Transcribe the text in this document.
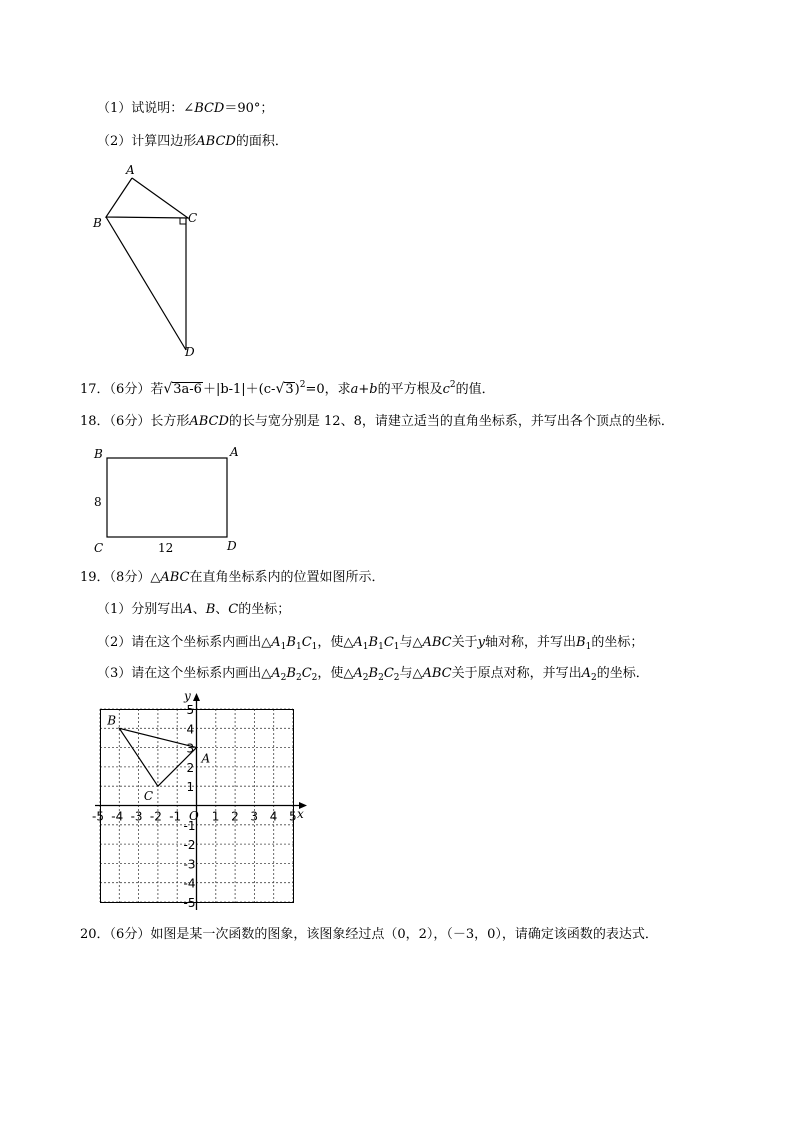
（1）试说明：∠BCD＝90°；
（2）计算四边形ABCD的面积．
A
B	C
D
17．（6分）若$√3a-6+|b-1|+(c-√3)^2=0$，求a+b的平方根及$c^2$的值．
18．（6分）长方形ABCD的长与宽分别是 12、8，请建立适当的直角坐标系，并写出各个顶点的坐标．
B	A
C	D
8
12
19．（8分）△ABC在直角坐标系内的位置如图所示．
（1）分别写出A、B、C的坐标；
（2）请在这个坐标系内画出$\triangle A_1B_1C_1$，使$\triangle A_1B_1C_1$与△ABC关于y轴对称，并写出$B_1$的坐标；
（3）请在这个坐标系内画出$\triangle A_2B_2C_2$，使$\triangle A_2B_2C_2$与△ABC关于原点对称，并写出$A_2$的坐标．
x
y
O
-5 -4 -3 -2 -1	1 2 3 4 5
5
4
3
2
1
-1
-2
-3
-4
-5
A
B
C
20．（6分）如图是某一次函数的图象，该图象经过点（0，2），（－3，0），请确定该函数的表达式．
